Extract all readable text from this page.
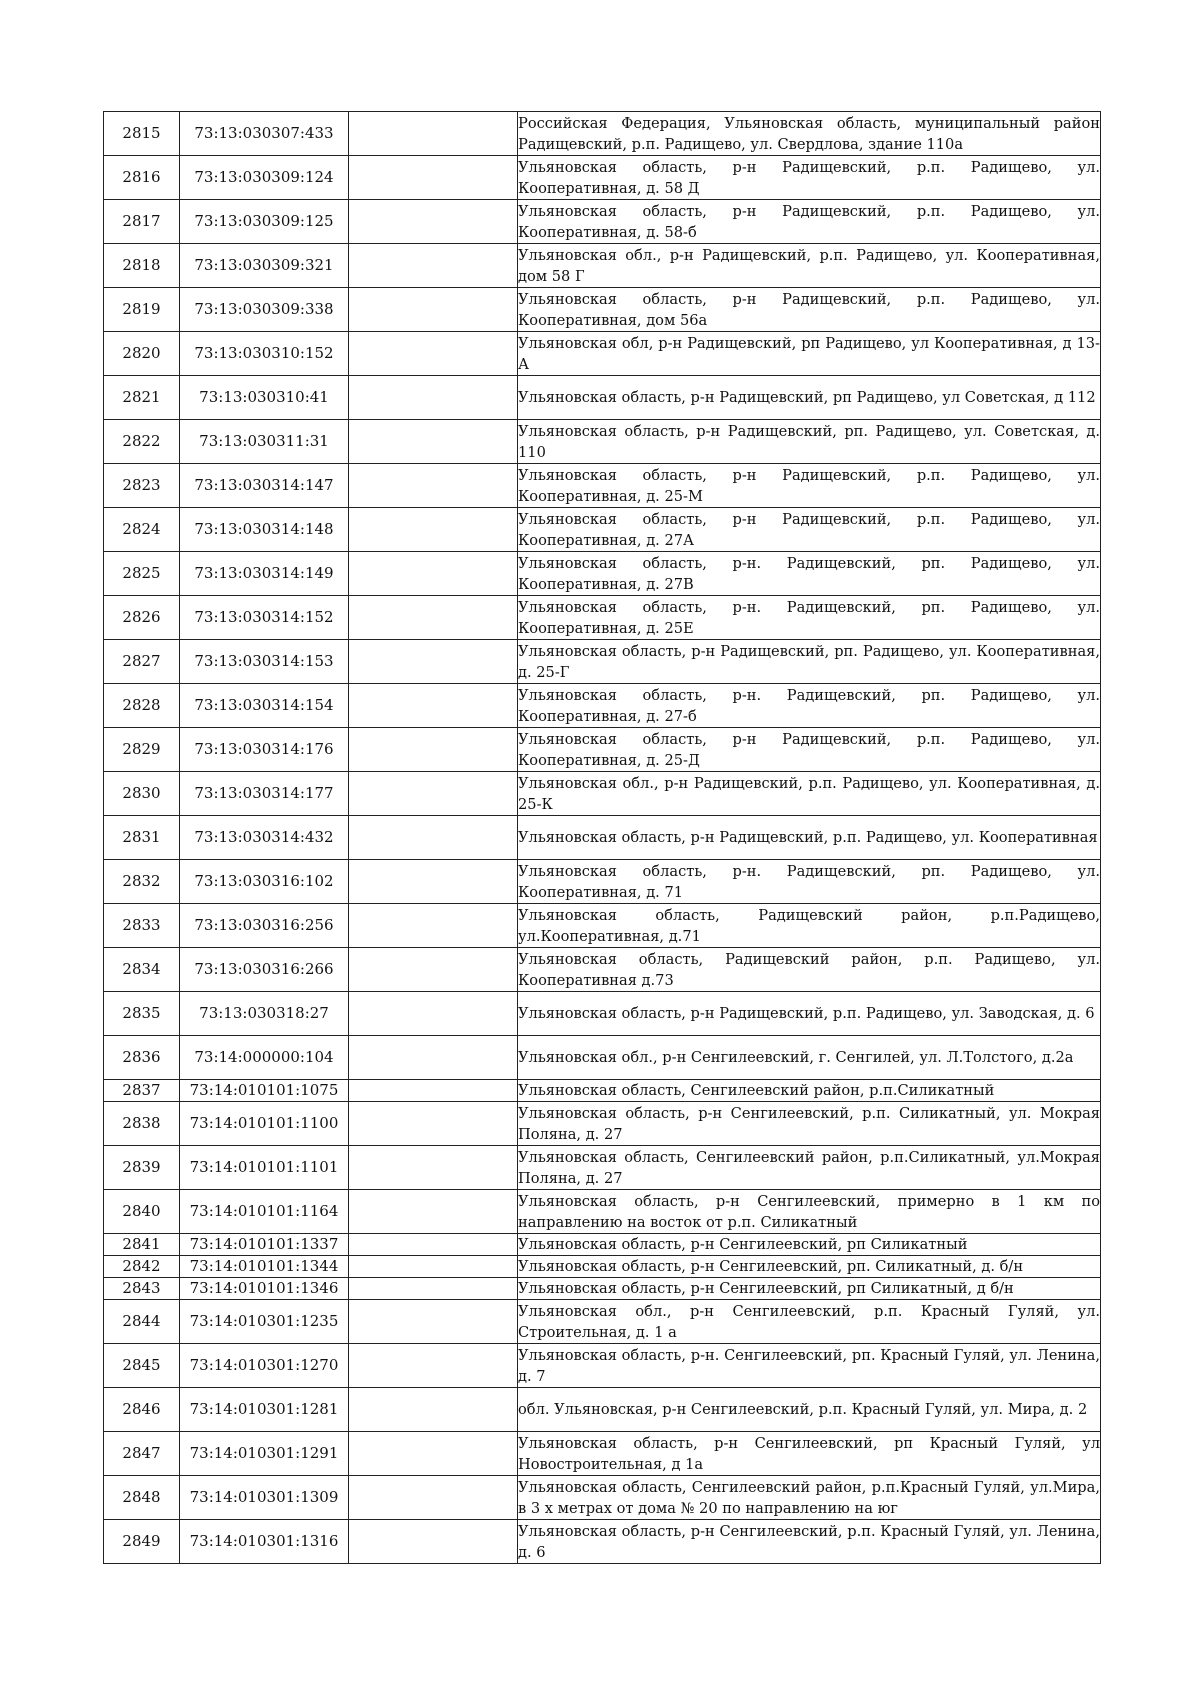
2815	73:13:030307:433		Российская Федерация, Ульяновская область, муниципальный район Радищевский, р.п. Радищево, ул. Свердлова, здание 110а
2816	73:13:030309:124		Ульяновская область, р-н Радищевский, р.п. Радищево, ул. Кооперативная, д. 58 Д
2817	73:13:030309:125		Ульяновская область, р-н Радищевский, р.п. Радищево, ул. Кооперативная, д. 58-б
2818	73:13:030309:321		Ульяновская обл., р-н Радищевский, р.п. Радищево, ул. Кооперативная, дом 58 Г
2819	73:13:030309:338		Ульяновская область, р-н Радищевский, р.п. Радищево, ул. Кооперативная, дом 56а
2820	73:13:030310:152		Ульяновская обл, р-н Радищевский, рп Радищево, ул Кооперативная, д 13-А
2821	73:13:030310:41		Ульяновская область, р-н Радищевский, рп Радищево, ул Советская, д 112
2822	73:13:030311:31		Ульяновская область, р-н Радищевский, рп. Радищево, ул. Советская, д. 110
2823	73:13:030314:147		Ульяновская область, р-н Радищевский, р.п. Радищево, ул. Кооперативная, д. 25-М
2824	73:13:030314:148		Ульяновская область, р-н Радищевский, р.п. Радищево, ул. Кооперативная, д. 27А
2825	73:13:030314:149		Ульяновская область, р-н. Радищевский, рп. Радищево, ул. Кооперативная, д. 27В
2826	73:13:030314:152		Ульяновская область, р-н. Радищевский, рп. Радищево, ул. Кооперативная, д. 25Е
2827	73:13:030314:153		Ульяновская область, р-н Радищевский, рп. Радищево, ул. Кооперативная, д. 25-Г
2828	73:13:030314:154		Ульяновская область, р-н. Радищевский, рп. Радищево, ул. Кооперативная, д. 27-б
2829	73:13:030314:176		Ульяновская область, р-н Радищевский, р.п. Радищево, ул. Кооперативная, д. 25-Д
2830	73:13:030314:177		Ульяновская обл., р-н Радищевский, р.п. Радищево, ул. Кооперативная, д. 25-К
2831	73:13:030314:432		Ульяновская область, р-н Радищевский, р.п. Радищево, ул. Кооперативная
2832	73:13:030316:102		Ульяновская область, р-н. Радищевский, рп. Радищево, ул. Кооперативная, д. 71
2833	73:13:030316:256		Ульяновская область, Радищевский район, р.п.Радищево, ул.Кооперативная, д.71
2834	73:13:030316:266		Ульяновская область, Радищевский район, р.п. Радищево, ул. Кооперативная д.73
2835	73:13:030318:27		Ульяновская область, р-н Радищевский, р.п. Радищево, ул. Заводская, д. 6
2836	73:14:000000:104		Ульяновская обл., р-н Сенгилеевский, г. Сенгилей, ул. Л.Толстого, д.2а
2837	73:14:010101:1075		Ульяновская область, Сенгилеевский район, р.п.Силикатный
2838	73:14:010101:1100		Ульяновская область, р-н Сенгилеевский, р.п. Силикатный, ул. Мокрая Поляна, д. 27
2839	73:14:010101:1101		Ульяновская область, Сенгилеевский район, р.п.Силикатный, ул.Мокрая Поляна, д. 27
2840	73:14:010101:1164		Ульяновская область, р-н Сенгилеевский, примерно в 1 км по направлению на восток от р.п. Силикатный
2841	73:14:010101:1337		Ульяновская область, р-н Сенгилеевский, рп Силикатный
2842	73:14:010101:1344		Ульяновская область, р-н Сенгилеевский, рп. Силикатный, д. б/н
2843	73:14:010101:1346		Ульяновская область, р-н Сенгилеевский, рп Силикатный, д б/н
2844	73:14:010301:1235		Ульяновская обл., р-н Сенгилеевский, р.п. Красный Гуляй, ул. Строительная, д. 1 а
2845	73:14:010301:1270		Ульяновская область, р-н. Сенгилеевский, рп. Красный Гуляй, ул. Ленина, д. 7
2846	73:14:010301:1281		обл. Ульяновская, р-н Сенгилеевский, р.п. Красный Гуляй, ул. Мира, д. 2
2847	73:14:010301:1291		Ульяновская область, р-н Сенгилеевский, рп Красный Гуляй, ул Новостроительная, д 1а
2848	73:14:010301:1309		Ульяновская область, Сенгилеевский район, р.п.Красный Гуляй, ул.Мира, в 3 х метрах от дома № 20 по направлению на юг
2849	73:14:010301:1316		Ульяновская область, р-н Сенгилеевский, р.п. Красный Гуляй, ул. Ленина, д. 6
